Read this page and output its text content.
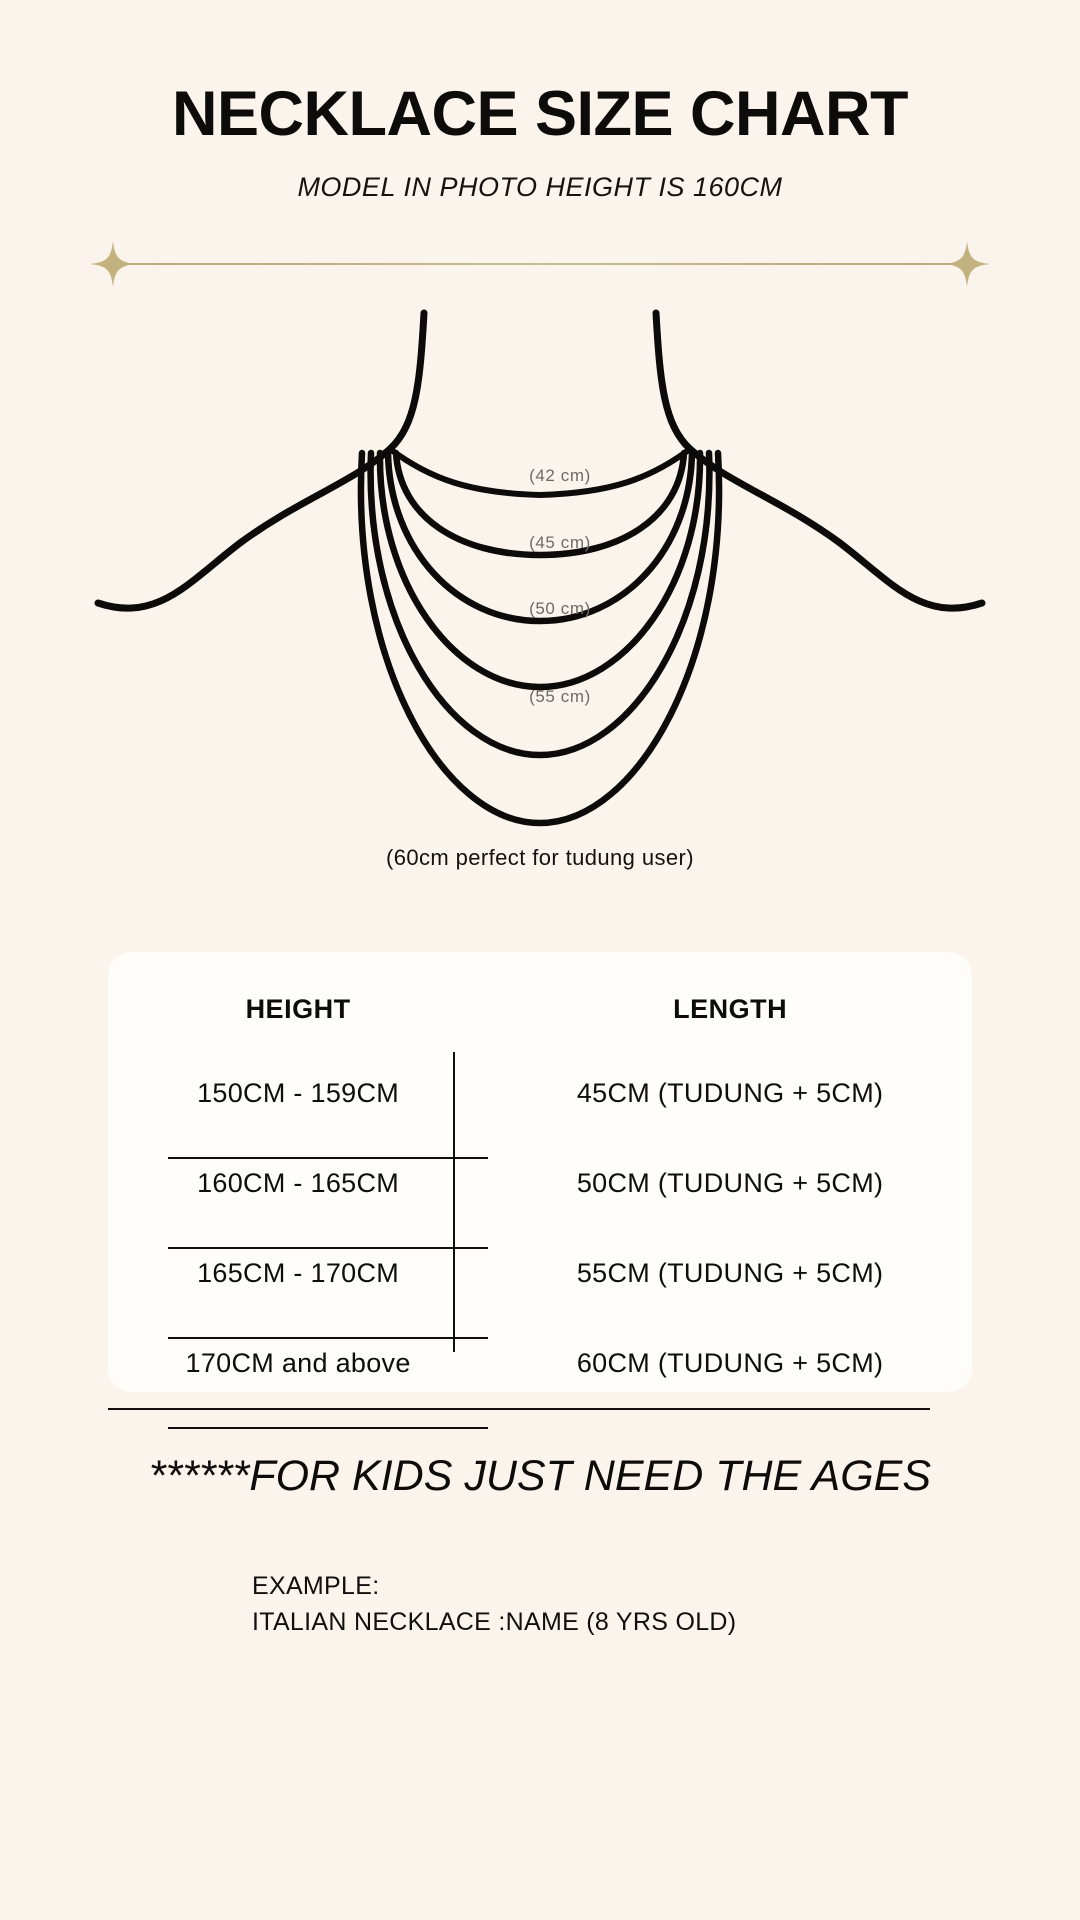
NECKLACE SIZE CHART

MODEL IN PHOTO HEIGHT IS 160CM

(42 cm)
(45 cm)
(50 cm)
(55 cm)
(60cm perfect for tudung user)
HEIGHT	LENGTH

150CM - 159CM	45CM (TUDUNG + 5CM)

160CM - 165CM	50CM (TUDUNG + 5CM)

165CM - 170CM	55CM (TUDUNG + 5CM)

170CM and above	60CM (TUDUNG + 5CM)
******FOR KIDS JUST NEED THE AGES
EXAMPLE:
ITALIAN NECKLACE :NAME (8 YRS OLD)
